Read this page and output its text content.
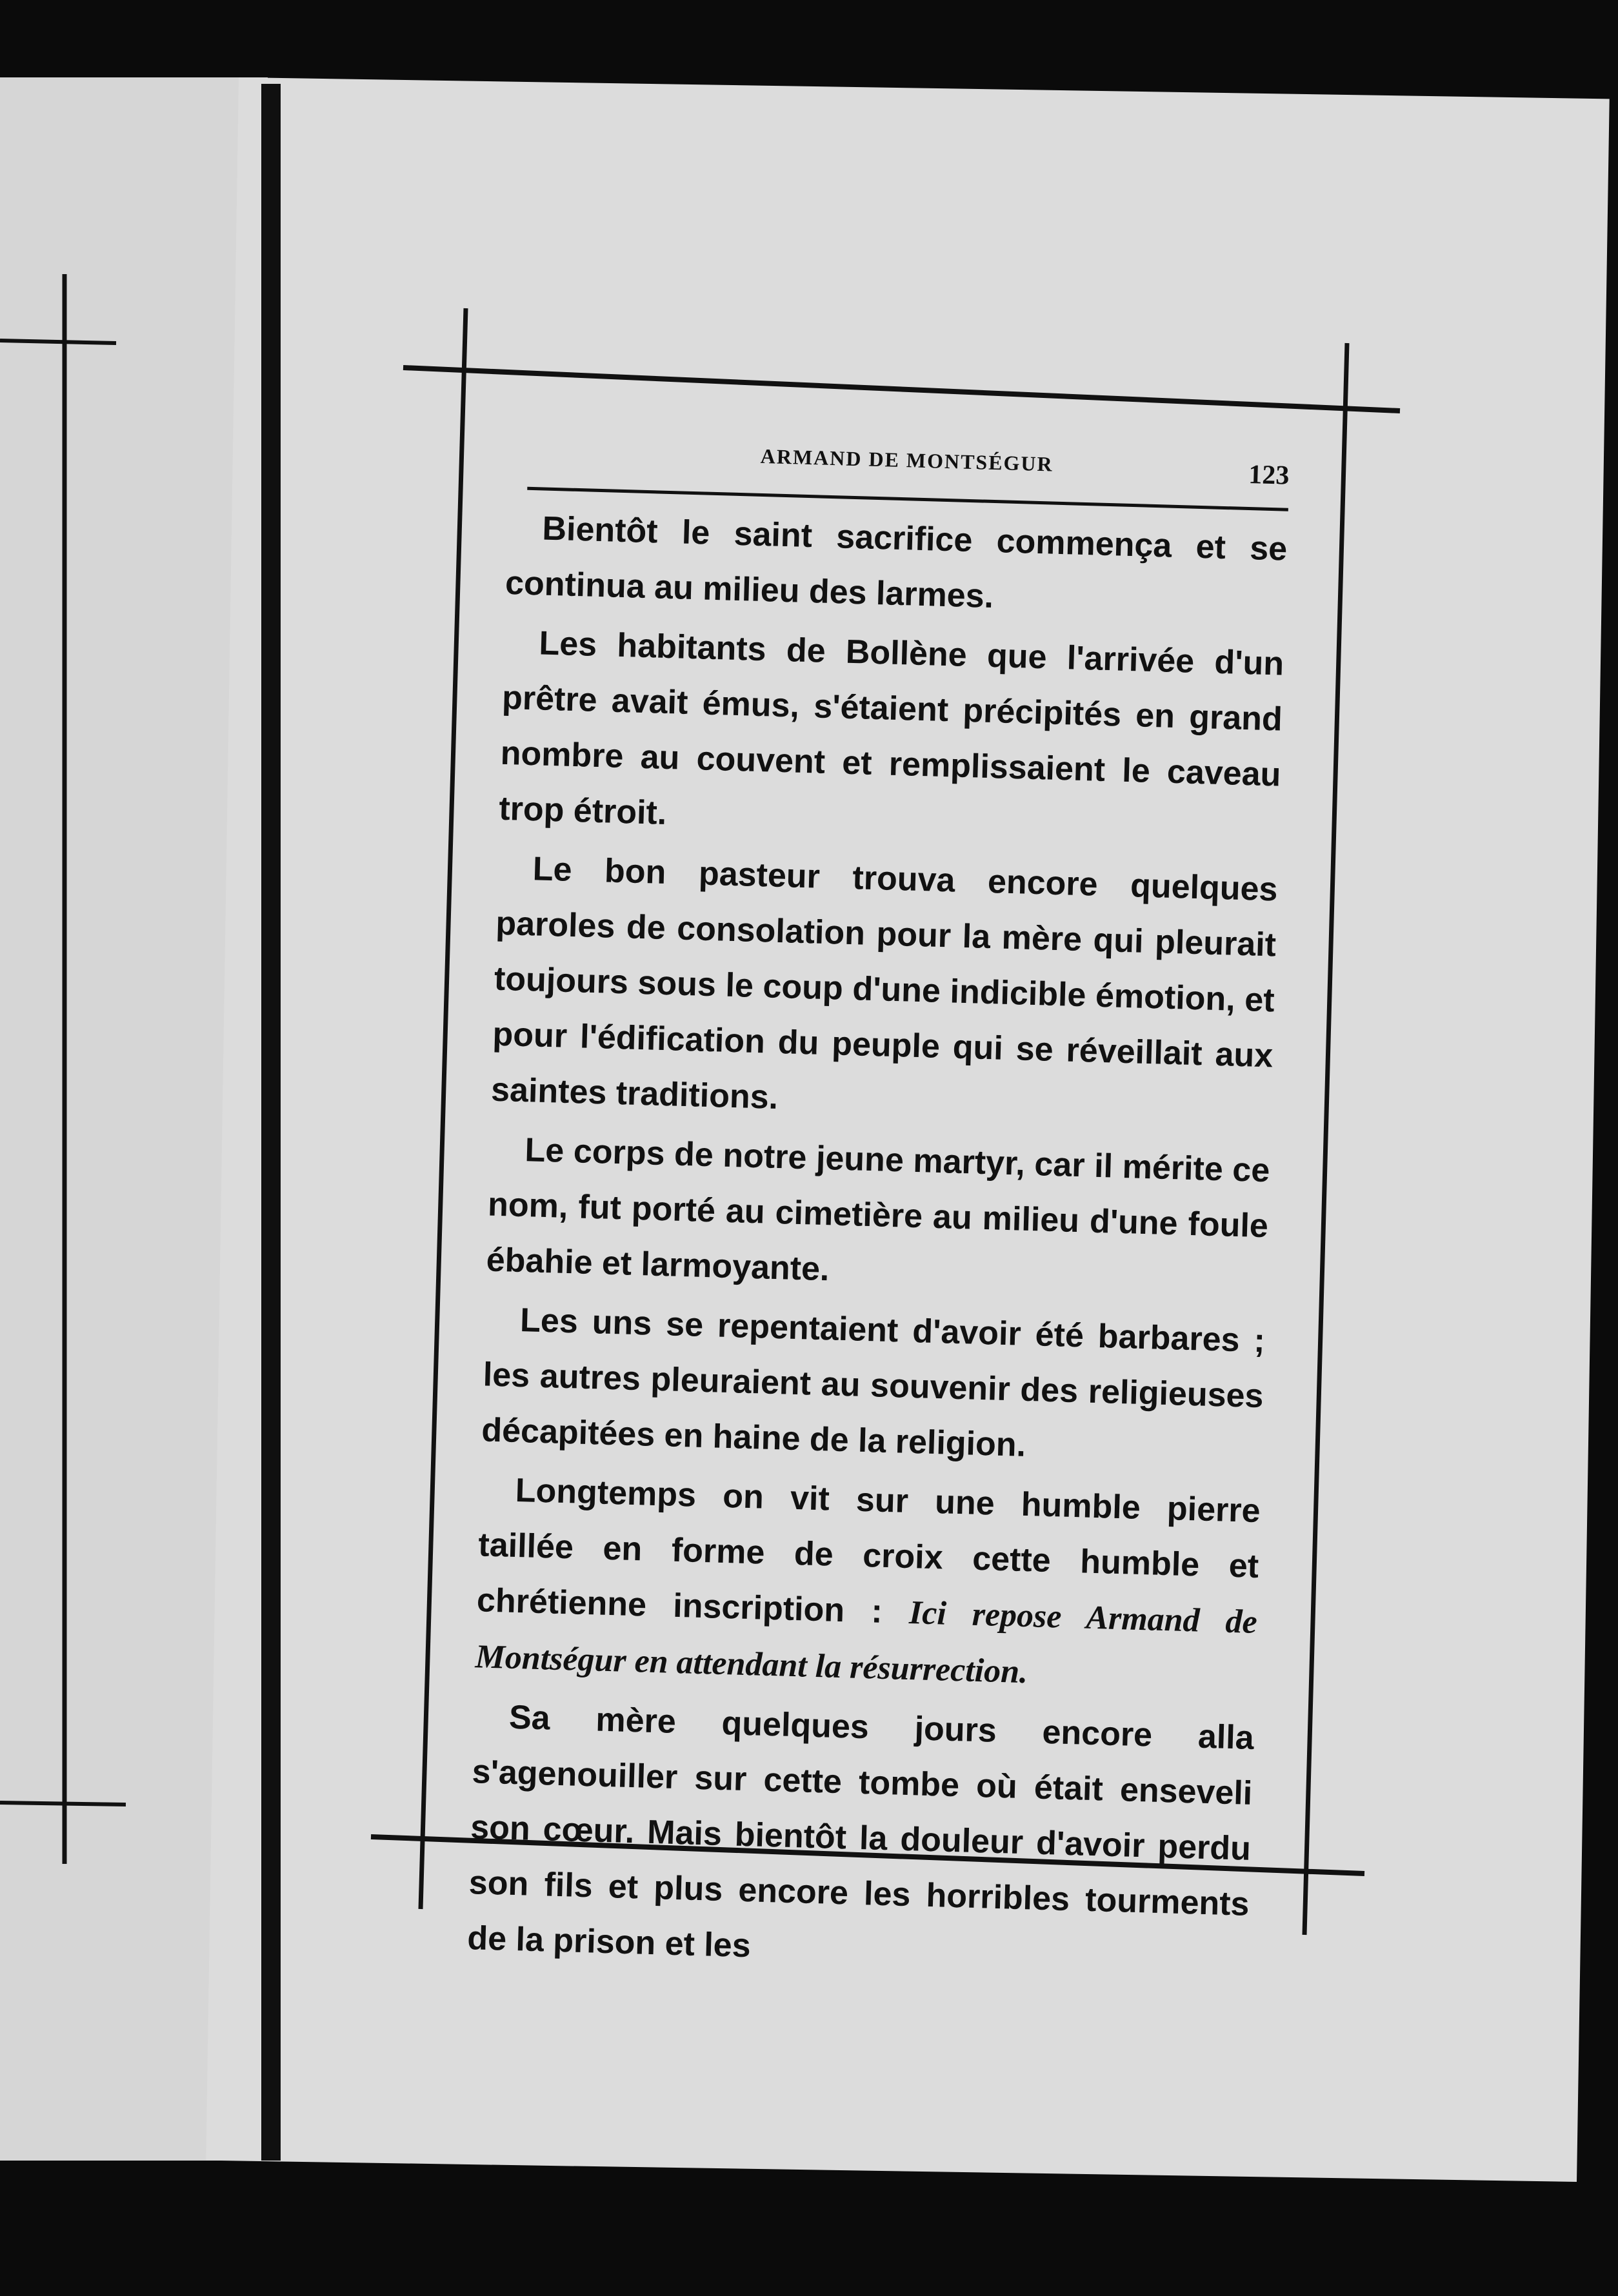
ARMAND DE MONTSÉGUR	123

Bientôt le saint sacrifice commença et se continua au milieu des larmes.

Les habitants de Bollène que l'arrivée d'un prêtre avait émus, s'étaient précipités en grand nombre au couvent et remplissaient le caveau trop étroit.

Le bon pasteur trouva encore quelques paroles de consolation pour la mère qui pleurait toujours sous le coup d'une indicible émotion, et pour l'édification du peuple qui se réveillait aux saintes traditions.

Le corps de notre jeune martyr, car il mérite ce nom, fut porté au cimetière au milieu d'une foule ébahie et larmoyante.

Les uns se repentaient d'avoir été barbares ; les autres pleuraient au souvenir des religieuses décapitées en haine de la religion.

Longtemps on vit sur une humble pierre taillée en forme de croix cette humble et chrétienne inscription : Ici repose Armand de Montségur en attendant la résurrection.

Sa mère quelques jours encore alla s'agenouiller sur cette tombe où était enseveli son cœur. Mais bientôt la douleur d'avoir perdu son fils et plus encore les horribles tourments de la prison et les
